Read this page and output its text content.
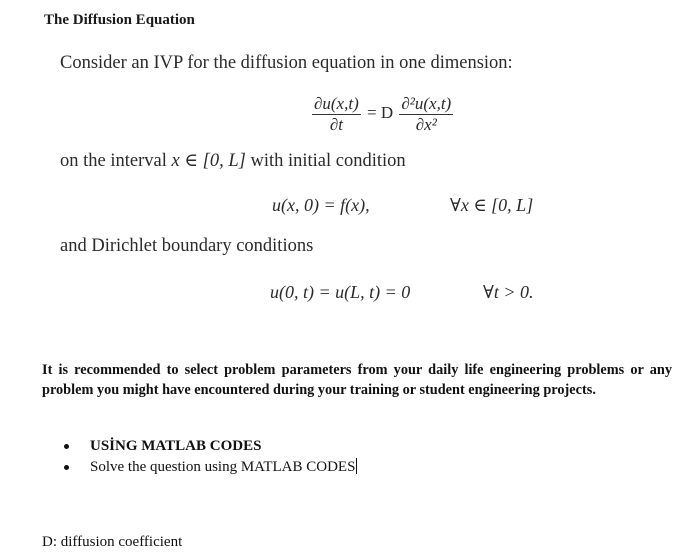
The Diffusion Equation
Consider an IVP for the diffusion equation in one dimension:
$\frac{\partial u(x,t)}{\partial t} = D \frac{\text{∂²u(x,t)}}{\text{∂x²}}$
on the interval x ∈ [0, L] with initial condition
u(x, 0) = f(x),	∀x ∈ [0, L]
and Dirichlet boundary conditions
u(0, t) = u(L, t) = 0	∀t > 0.
It is recommended to select problem parameters from your daily life engineering problems or any problem you might have encountered during your training or student engineering projects.
USİNG MATLAB CODES
Solve the question using MATLAB CODES
D: diffusion coefficient
